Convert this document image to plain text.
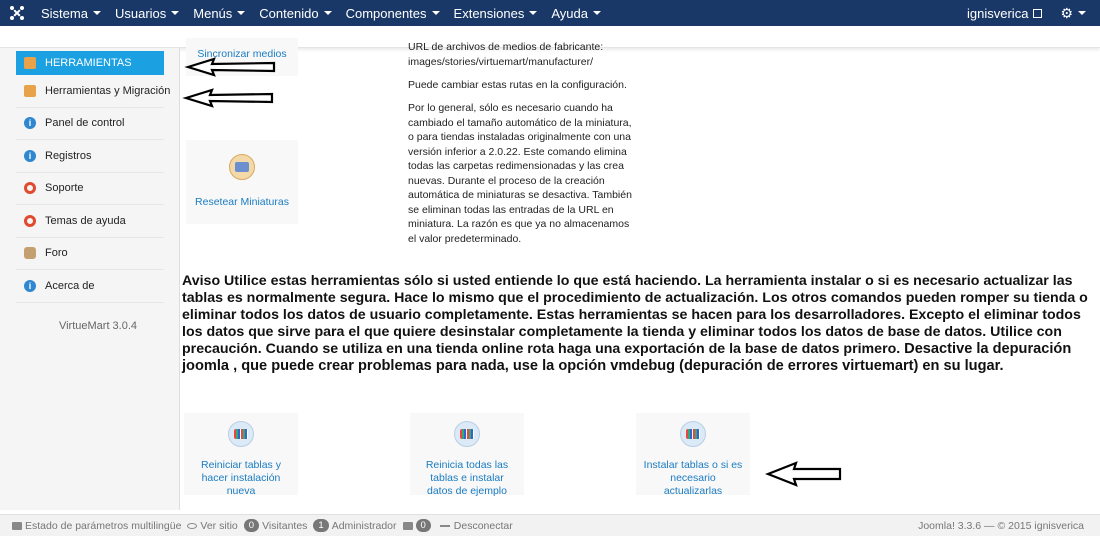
Sistema Usuarios Menús Contenido Componentes Extensiones Ayuda	ignisverica ⚙
HERRAMIENTAS
Herramientas y Migración
i	Panel de control
i	Registros
Soporte
Temas de ayuda
Foro
i	Acerca de
VirtueMart 3.0.4
Sincronizar medios
URL de archivos de medios de fabricante:
images/stories/virtuemart/manufacturer/
Puede cambiar estas rutas en la configuración.
Por lo general, sólo es necesario cuando ha cambiado el tamaño automático de la miniatura, o para tiendas instaladas originalmente con una versión inferior a 2.0.22. Este comando elimina todas las carpetas redimensionadas y las crea nuevas. Durante el proceso de la creación automática de miniaturas se desactiva. También se eliminan todas las entradas de la URL en miniatura. La razón es que ya no almacenamos el valor predeterminado.
Resetear Miniaturas
Aviso Utilice estas herramientas sólo si usted entiende lo que está haciendo. La herramienta instalar o si es necesario actualizar las tablas es normalmente segura. Hace lo mismo que el procedimiento de actualización. Los otros comandos pueden romper su tienda o eliminar todos los datos de usuario completamente. Estas herramientas se hacen para los desarrolladores. Excepto el eliminar todos los datos que sirve para el que quiere desinstalar completamente la tienda y eliminar todos los datos de base de datos. Utilice con precaución. Cuando se utiliza en una tienda online rota haga una exportación de la base de datos primero. Desactive la depuración joomla , que puede crear problemas para nada, use la opción vmdebug (depuración de errores virtuemart) en su lugar.
Reiniciar tablas y hacer instalación nueva
Reinicia todas las tablas e instalar datos de ejemplo
Instalar tablas o si es necesario actualizarlas
Estado de parámetros multilingüe Ver sitio	0 Visitantes	1 Administrador	0	Desconectar	Joomla! 3.3.6 — © 2015 ignisverica
